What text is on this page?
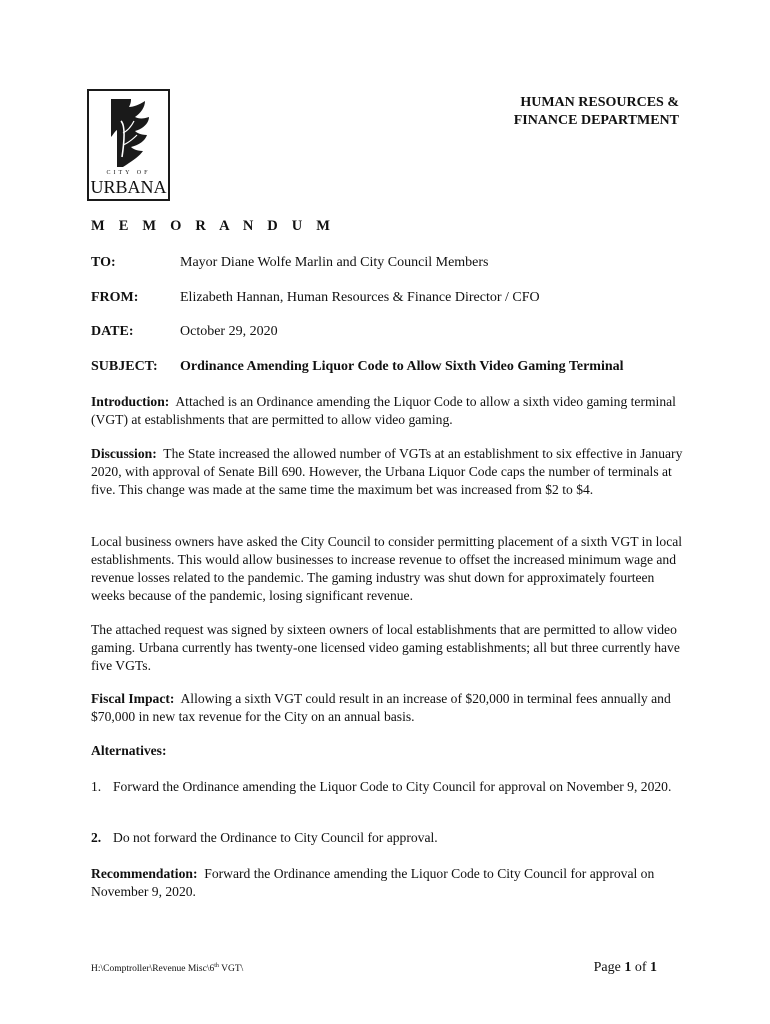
CITY OF
URBANA
HUMAN RESOURCES &
FINANCE DEPARTMENT
M E M O R A N D U M
TO:	Mayor Diane Wolfe Marlin and City Council Members
FROM:	Elizabeth Hannan, Human Resources & Finance Director / CFO
DATE:	October 29, 2020
SUBJECT: Ordinance Amending Liquor Code to Allow Sixth Video Gaming Terminal
Introduction: Attached is an Ordinance amending the Liquor Code to allow a sixth video gaming terminal (VGT) at establishments that are permitted to allow video gaming.
Discussion: The State increased the allowed number of VGTs at an establishment to six effective in January 2020, with approval of Senate Bill 690. However, the Urbana Liquor Code caps the number of terminals at five. This change was made at the same time the maximum bet was increased from $2 to $4.
Local business owners have asked the City Council to consider permitting placement of a sixth VGT in local establishments. This would allow businesses to increase revenue to offset the increased minimum wage and revenue losses related to the pandemic. The gaming industry was shut down for approximately fourteen weeks because of the pandemic, losing significant revenue.
The attached request was signed by sixteen owners of local establishments that are permitted to allow video gaming. Urbana currently has twenty-one licensed video gaming establishments; all but three currently have five VGTs.
Fiscal Impact: Allowing a sixth VGT could result in an increase of $20,000 in terminal fees annually and $70,000 in new tax revenue for the City on an annual basis.
Alternatives:
1. Forward the Ordinance amending the Liquor Code to City Council for approval on November 9, 2020.
2. Do not forward the Ordinance to City Council for approval.
Recommendation: Forward the Ordinance amending the Liquor Code to City Council for approval on November 9, 2020.
H:\Comptroller\Revenue Misc\6th VGT\	Page 1 of 1
